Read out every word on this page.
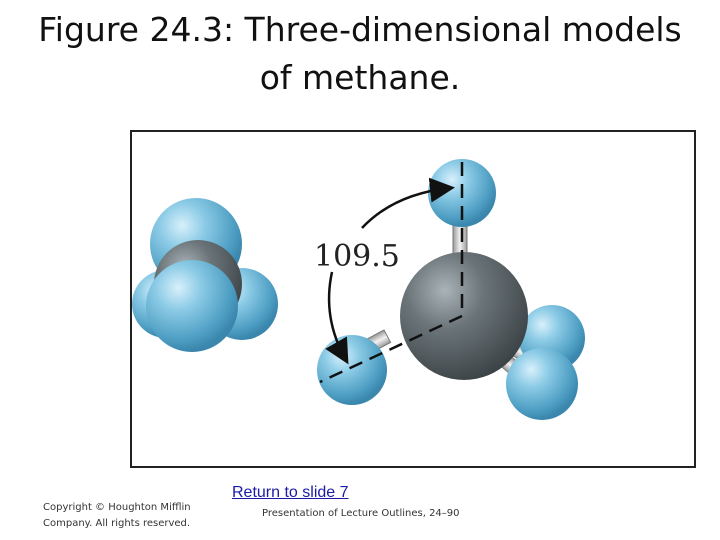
Figure 24.3: Three-dimensional models
of methane.
109.5
Return to slide 7
Copyright © Houghton Mifflin
Company. All rights reserved.
Presentation of Lecture Outlines, 24–90
